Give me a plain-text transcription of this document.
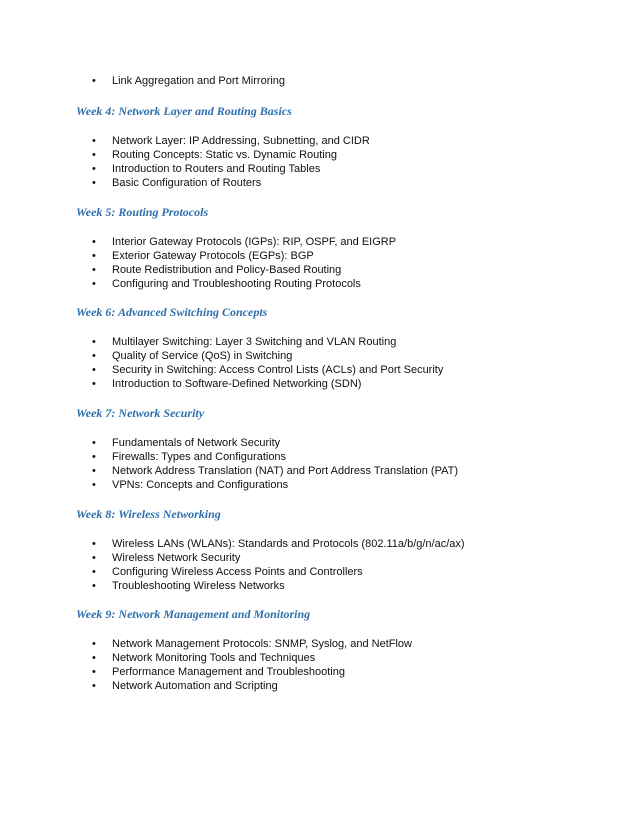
•	Link Aggregation and Port Mirroring
Week 4: Network Layer and Routing Basics
•	Network Layer: IP Addressing, Subnetting, and CIDR
•	Routing Concepts: Static vs. Dynamic Routing
•	Introduction to Routers and Routing Tables
•	Basic Configuration of Routers
Week 5: Routing Protocols
•	Interior Gateway Protocols (IGPs): RIP, OSPF, and EIGRP
•	Exterior Gateway Protocols (EGPs): BGP
•	Route Redistribution and Policy-Based Routing
•	Configuring and Troubleshooting Routing Protocols
Week 6: Advanced Switching Concepts
•	Multilayer Switching: Layer 3 Switching and VLAN Routing
•	Quality of Service (QoS) in Switching
•	Security in Switching: Access Control Lists (ACLs) and Port Security
•	Introduction to Software-Defined Networking (SDN)
Week 7: Network Security
•	Fundamentals of Network Security
•	Firewalls: Types and Configurations
•	Network Address Translation (NAT) and Port Address Translation (PAT)
•	VPNs: Concepts and Configurations
Week 8: Wireless Networking
•	Wireless LANs (WLANs): Standards and Protocols (802.11a/b/g/n/ac/ax)
•	Wireless Network Security
•	Configuring Wireless Access Points and Controllers
•	Troubleshooting Wireless Networks
Week 9: Network Management and Monitoring
•	Network Management Protocols: SNMP, Syslog, and NetFlow
•	Network Monitoring Tools and Techniques
•	Performance Management and Troubleshooting
•	Network Automation and Scripting
